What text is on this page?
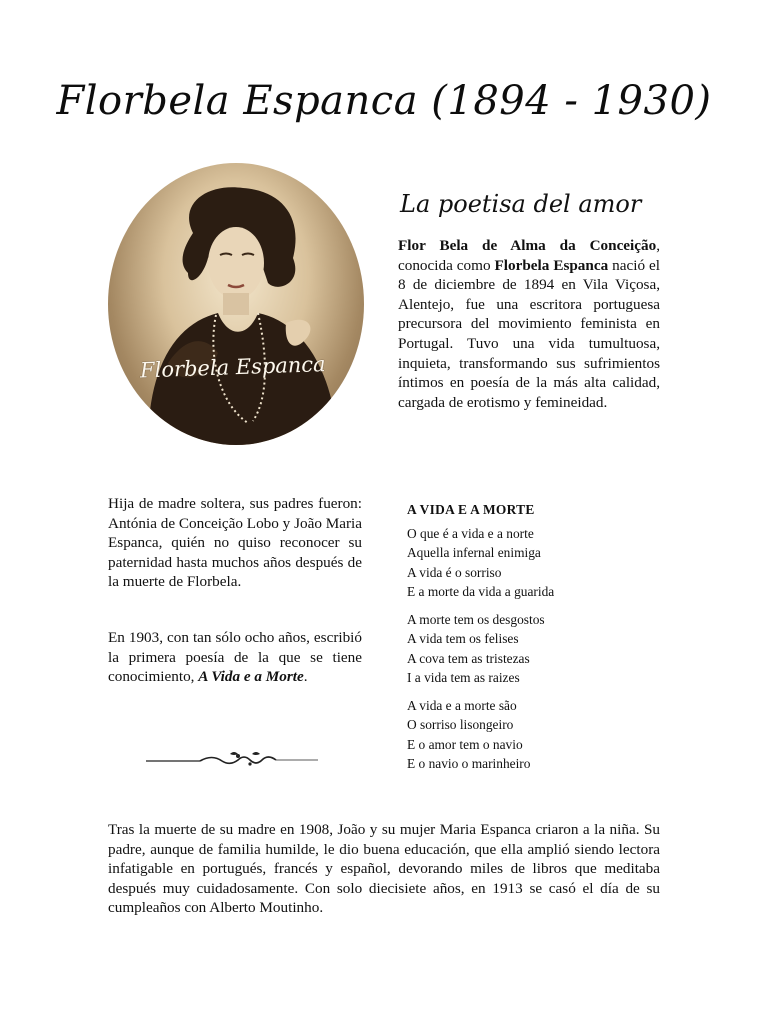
Florbela Espanca (1894 - 1930)
Florbela Espanca
La poetisa del amor
Flor Bela de Alma da Conceição, conocida como Florbela Espanca nació el 8 de diciembre de 1894 en Vila Viçosa, Alentejo, fue una escritora portuguesa precursora del movimiento feminista en Portugal. Tuvo una vida tumultuosa, inquieta, transformando sus sufrimientos íntimos en poesía de la más alta calidad, cargada de erotismo y femineidad.
Hija de madre soltera, sus padres fueron: Antónia de Conceição Lobo y João Maria Espanca, quién no quiso reconocer su paternidad hasta muchos años después de la muerte de Florbela.
En 1903, con tan sólo ocho años, escribió la primera poesía de la que se tiene conocimiento, A Vida e a Morte.
A VIDA E A MORTE
O que é a vida e a norte
Aquella infernal enimiga
A vida é o sorriso
E a morte da vida a guarida
A morte tem os desgostos
A vida tem os felises
A cova tem as tristezas
I a vida tem as raizes
A vida e a morte são
O sorriso lisongeiro
E o amor tem o navio
E o navio o marinheiro
Tras la muerte de su madre en 1908, João y su mujer Maria Espanca criaron a la niña. Su padre, aunque de familia humilde, le dio buena educación, que ella amplió siendo lectora infatigable en portugués, francés y español, devorando miles de libros que meditaba después muy cuidadosamente. Con solo diecisiete años, en 1913 se casó el día de su cumpleaños con Alberto Moutinho.
